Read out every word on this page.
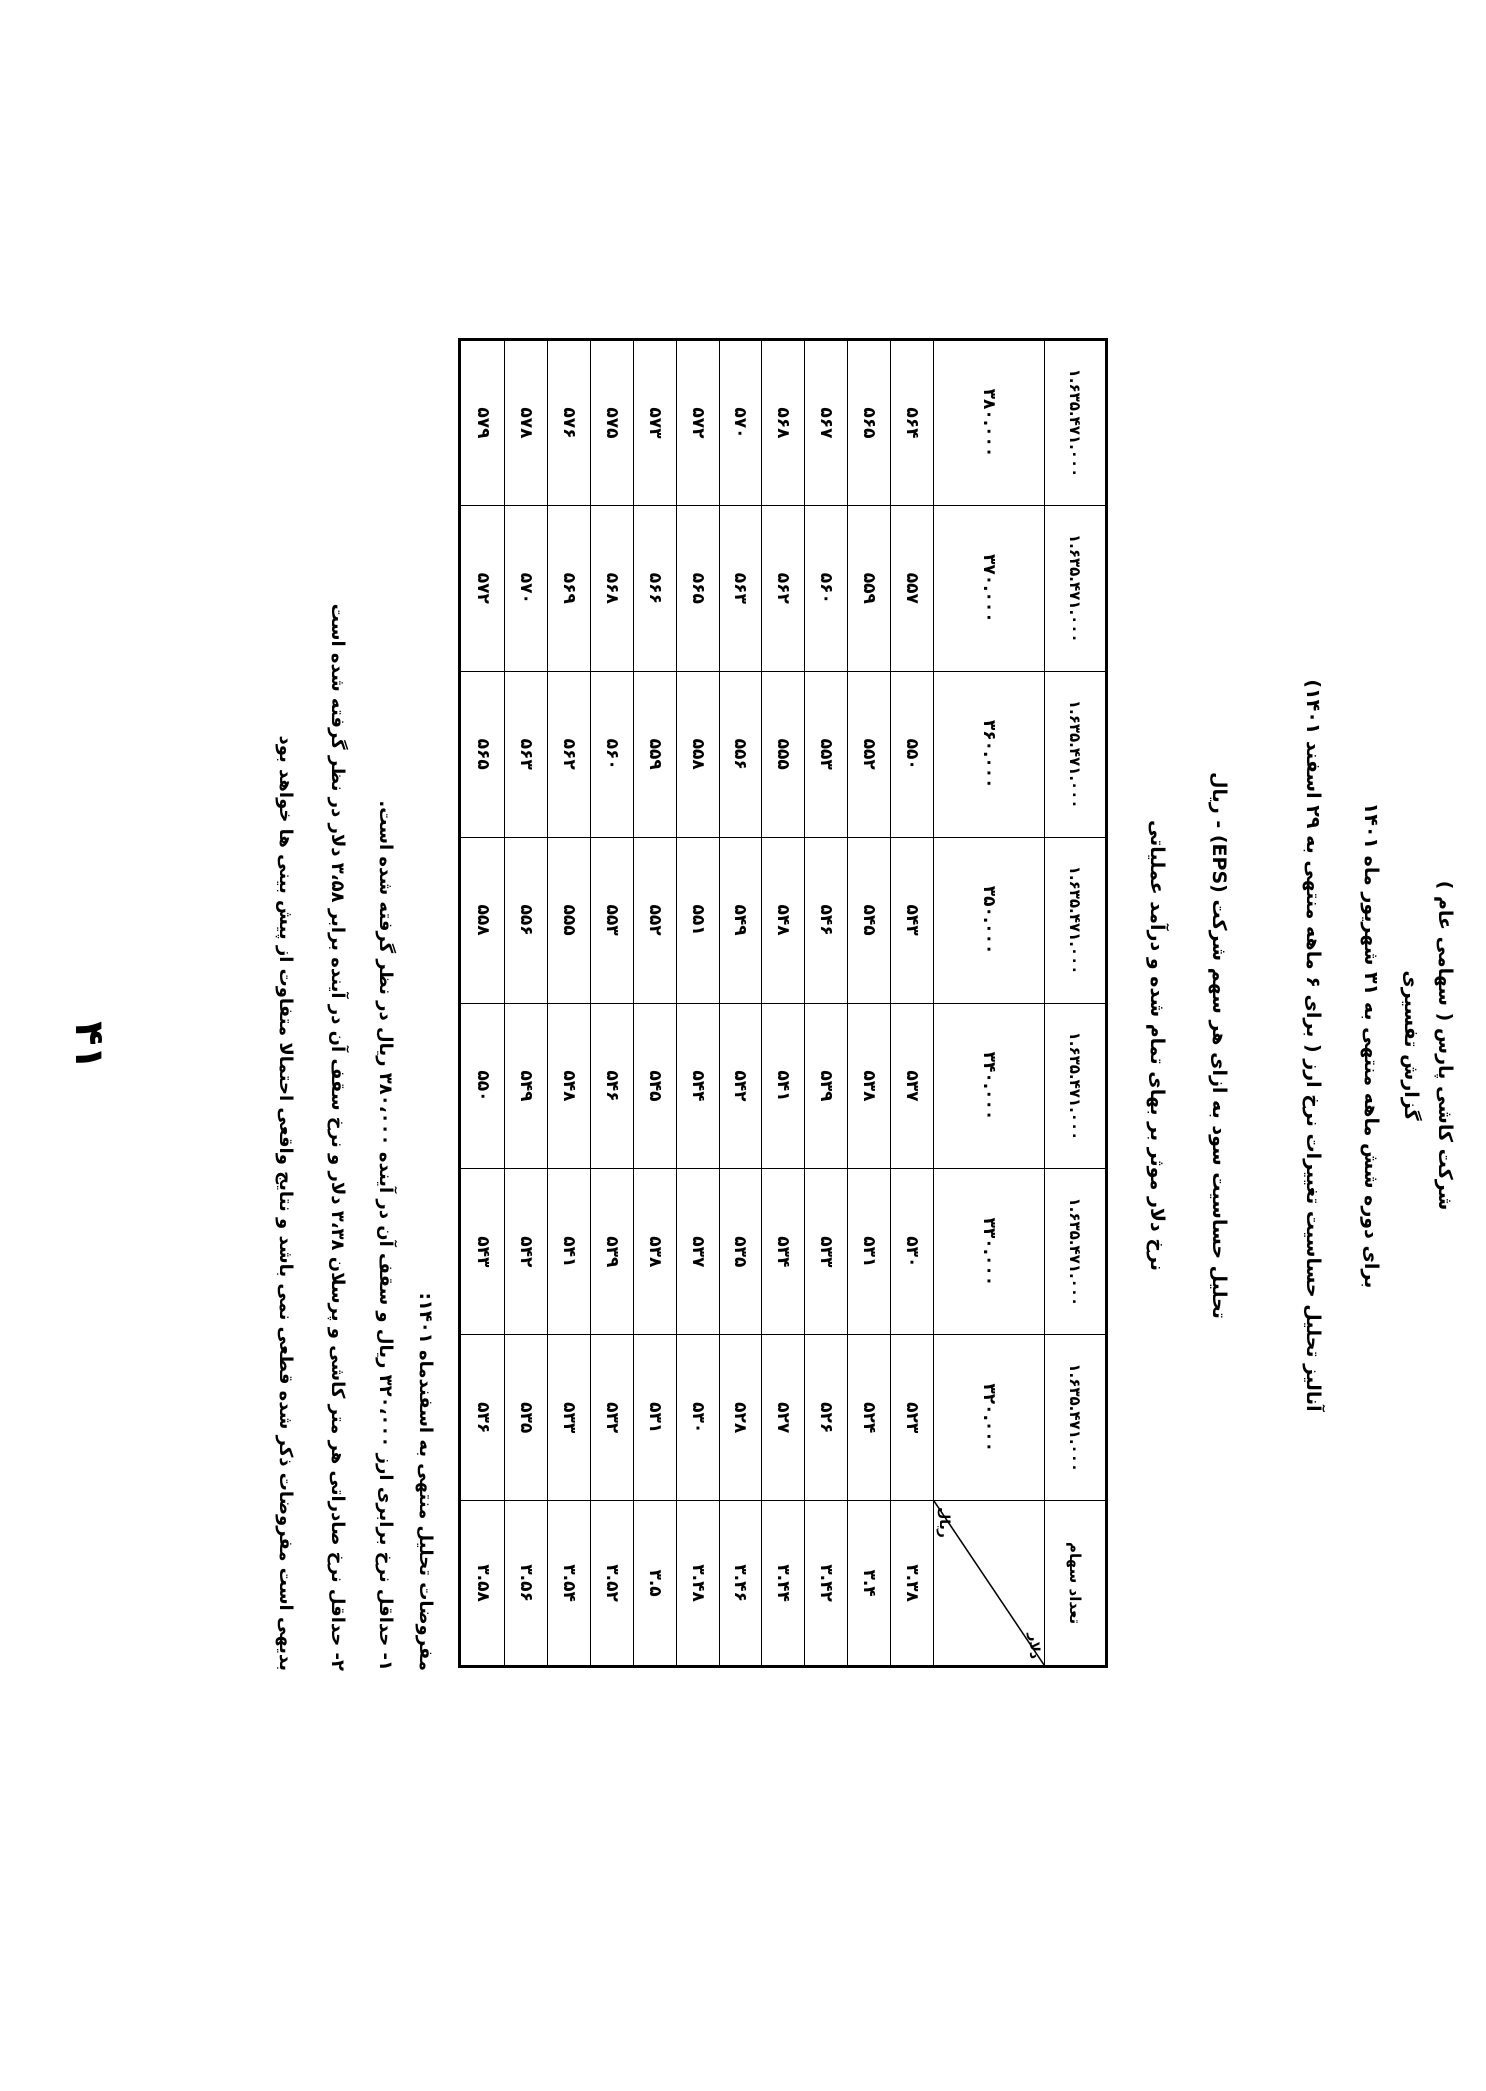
شرکت کاشی پارس ( سهامی عام )
گزارش تفسیری
برای دوره شش ماهه منتهی به ۳۱ شهریور ماه ۱۴۰۱
آنالیز تحلیل حساسیت تغییرات نرخ ارز ( برای ۶ ماهه منتهی به ۲۹ اسفند ۱۴۰۱)
تحلیل حساسیت سود به ازای هر سهم شرکت (EPS) - ریال
نرخ دلار موثر بر بهای تمام شده و درآمد عملیاتی
تعداد سهام	۱.۶۳۵.۴۷۱.۰۰۰	۱.۶۳۵.۴۷۱.۰۰۰	۱.۶۳۵.۴۷۱.۰۰۰	۱.۶۳۵.۴۷۱.۰۰۰	۱.۶۳۵.۴۷۱.۰۰۰	۱.۶۳۵.۴۷۱.۰۰۰	۱.۶۳۵.۴۷۱.۰۰۰

دلار
ریال	۳۲۰.۰۰۰	۳۳۰.۰۰۰	۳۴۰.۰۰۰	۳۵۰.۰۰۰	۳۶۰.۰۰۰	۳۷۰.۰۰۰	۳۸۰.۰۰۰
۳.۳۸	۵۲۳	۵۳۰	۵۳۷	۵۴۳	۵۵۰	۵۵۷	۵۶۴
۳.۴	۵۲۴	۵۳۱	۵۳۸	۵۴۵	۵۵۲	۵۵۹	۵۶۵
۳.۴۲	۵۲۶	۵۳۳	۵۳۹	۵۴۶	۵۵۳	۵۶۰	۵۶۷
۳.۴۴	۵۲۷	۵۳۴	۵۴۱	۵۴۸	۵۵۵	۵۶۲	۵۶۸
۳.۴۶	۵۲۸	۵۳۵	۵۴۲	۵۴۹	۵۵۶	۵۶۳	۵۷۰
۳.۴۸	۵۳۰	۵۳۷	۵۴۴	۵۵۱	۵۵۸	۵۶۵	۵۷۲
۳.۵	۵۳۱	۵۳۸	۵۴۵	۵۵۲	۵۵۹	۵۶۶	۵۷۳
۳.۵۲	۵۳۲	۵۳۹	۵۴۶	۵۵۳	۵۶۰	۵۶۸	۵۷۵
۳.۵۴	۵۳۳	۵۴۱	۵۴۸	۵۵۵	۵۶۲	۵۶۹	۵۷۶
۳.۵۶	۵۳۵	۵۴۲	۵۴۹	۵۵۶	۵۶۳	۵۷۰	۵۷۸
۳.۵۸	۵۳۶	۵۴۳	۵۵۰	۵۵۸	۵۶۵	۵۷۲	۵۷۹
مفروضات تحلیل منتهی به اسفندماه ۱۴۰۱:
۱- حداقل نرخ برابری ارز ۳۲۰،۰۰۰ ریال و سقف آن در آینده ۳۸۰،۰۰۰ ریال در نظر گرفته شده است.
۲- حداقل نرخ صادراتی هر متر کاشی و پرسلان ۳،۳۸ دلار و نرخ سقف آن در آینده برابر ۳،۵۸ دلار در نظر گرفته شده است
بدیهی است مفروضات ذکر شده قطعی نمی باشد و نتایج واقعی احتمالا متفاوت از پیش بینی ها خواهد بود
۴۱
